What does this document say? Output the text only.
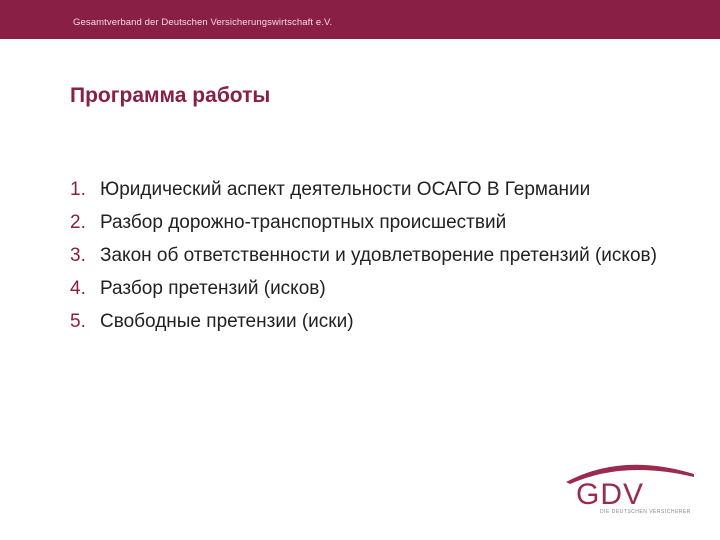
Gesamtverband der Deutschen Versicherungswirtschaft e.V.
Программа работы
1. Юридический аспект деятельности ОСАГО В Германии
2. Разбор дорожно-транспортных происшествий
3. Закон об ответственности и удовлетворение претензий (исков)
4. Разбор претензий (исков)
5. Свободные претензии (иски)
GDV
DIE DEUTSCHEN VERSICHERER
